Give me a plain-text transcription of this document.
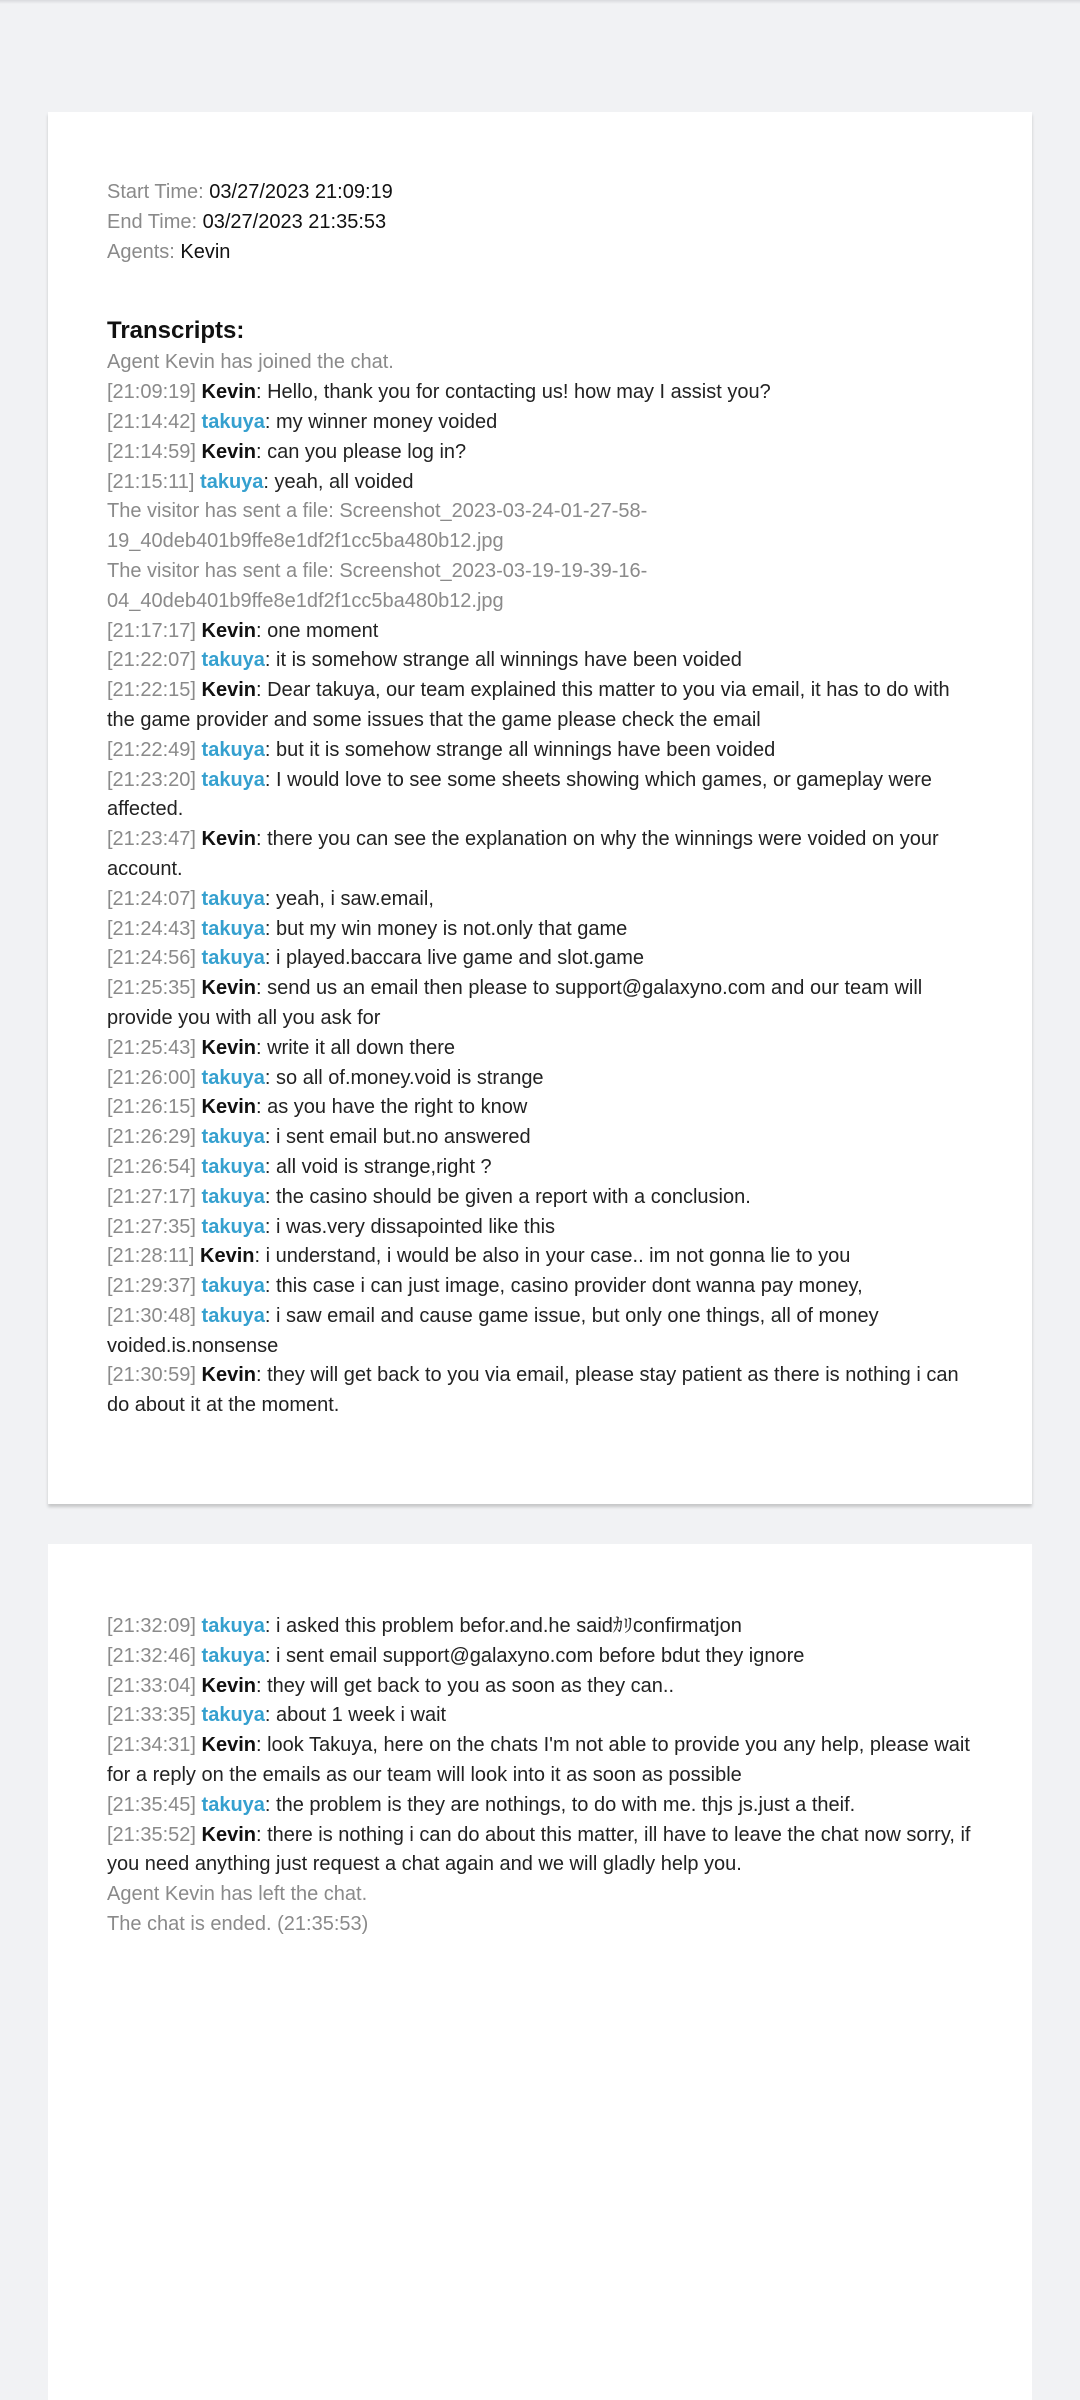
Start Time: 03/27/2023 21:09:19

End Time: 03/27/2023 21:35:53

Agents: Kevin

Transcripts:

Agent Kevin has joined the chat.

[21:09:19] Kevin: Hello, thank you for contacting us! how may I assist you?

[21:14:42] takuya: my winner money voided

[21:14:59] Kevin: can you please log in?

[21:15:11] takuya: yeah, all voided

The visitor has sent a file: Screenshot_2023-03-24-01-27-58-
19_40deb401b9ffe8e1df2f1cc5ba480b12.jpg

The visitor has sent a file: Screenshot_2023-03-19-19-39-16-
04_40deb401b9ffe8e1df2f1cc5ba480b12.jpg

[21:17:17] Kevin: one moment

[21:22:07] takuya: it is somehow strange all winnings have been voided

[21:22:15] Kevin: Dear takuya, our team explained this matter to you via email, it has to do with the game provider and some issues that the game please check the email

[21:22:49] takuya: but it is somehow strange all winnings have been voided

[21:23:20] takuya: I would love to see some sheets showing which games, or gameplay were affected.

[21:23:47] Kevin: there you can see the explanation on why the winnings were voided on your account.

[21:24:07] takuya: yeah, i saw.email,

[21:24:43] takuya: but my win money is not.only that game

[21:24:56] takuya: i played.baccara live game and slot.game

[21:25:35] Kevin: send us an email then please to support@galaxyno.com and our team will provide you with all you ask for

[21:25:43] Kevin: write it all down there

[21:26:00] takuya: so all of.money.void is strange

[21:26:15] Kevin: as you have the right to know

[21:26:29] takuya: i sent email but.no answered

[21:26:54] takuya: all void is strange,right ?

[21:27:17] takuya: the casino should be given a report with a conclusion.

[21:27:35] takuya: i was.very dissapointed like this

[21:28:11] Kevin: i understand, i would be also in your case.. im not gonna lie to you

[21:29:37] takuya: this case i can just image, casino provider dont wanna pay money,

[21:30:48] takuya: i saw email and cause game issue, but only one things, all of money voided.is.nonsense

[21:30:59] Kevin: they will get back to you via email, please stay patient as there is nothing i can do about it at the moment.

[21:32:09] takuya: i asked this problem befor.and.he saidｶﾘconfirmatjon

[21:32:46] takuya: i sent email support@galaxyno.com before bdut they ignore

[21:33:04] Kevin: they will get back to you as soon as they can..

[21:33:35] takuya: about 1 week i wait

[21:34:31] Kevin: look Takuya, here on the chats I'm not able to provide you any help, please wait for a reply on the emails as our team will look into it as soon as possible

[21:35:45] takuya: the problem is they are nothings, to do with me. thjs js.just a theif.

[21:35:52] Kevin: there is nothing i can do about this matter, ill have to leave the chat now sorry, if you need anything just request a chat again and we will gladly help you.

Agent Kevin has left the chat.

The chat is ended. (21:35:53)
